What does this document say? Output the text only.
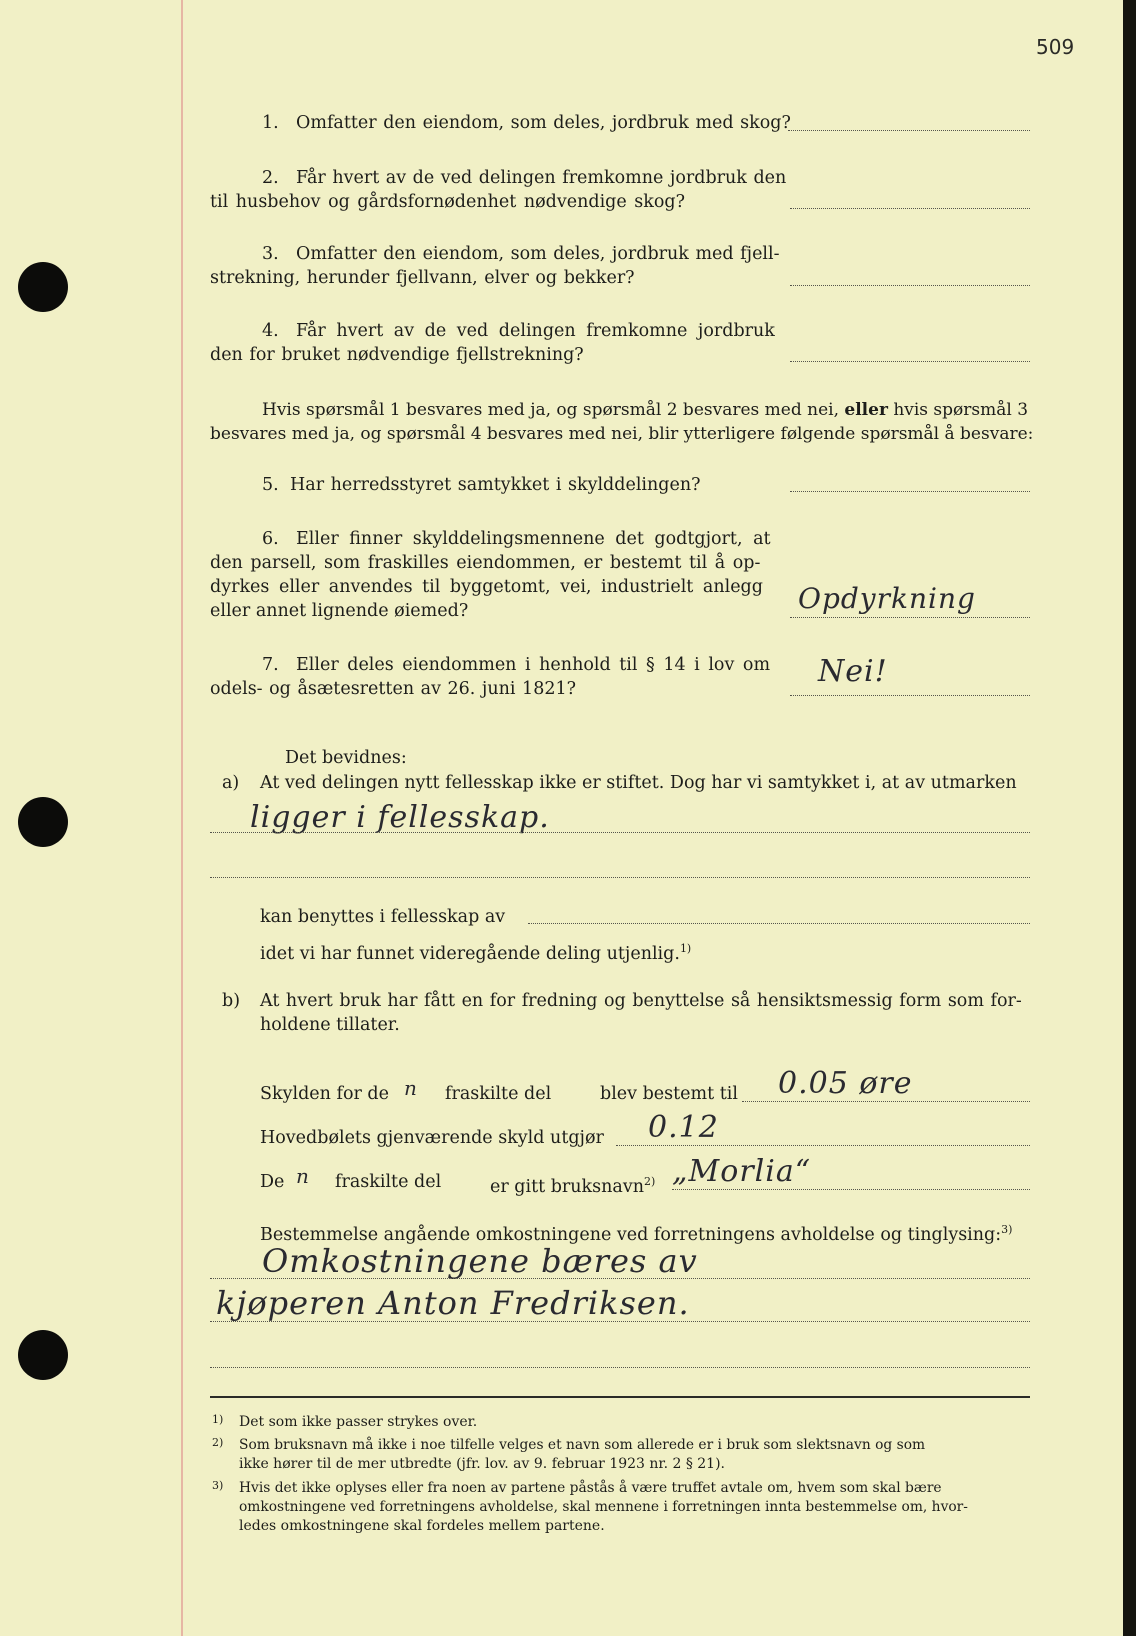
509
1. Omfatter den eiendom, som deles, jordbruk med skog?
2. Får hvert av de ved delingen fremkomne jordbruk den
til husbehov og gårdsfornødenhet nødvendige skog?
3. Omfatter den eiendom, som deles, jordbruk med fjell-
strekning, herunder fjellvann, elver og bekker?
4. Får hvert av de ved delingen fremkomne jordbruk
den for bruket nødvendige fjellstrekning?
Hvis spørsmål 1 besvares med ja, og spørsmål 2 besvares med nei, eller hvis spørsmål 3
besvares med ja, og spørsmål 4 besvares med nei, blir ytterligere følgende spørsmål å besvare:
5. Har herredsstyret samtykket i skylddelingen?
6. Eller finner skylddelingsmennene det godtgjort, at
den parsell, som fraskilles eiendommen, er bestemt til å op-
dyrkes eller anvendes til byggetomt, vei, industrielt anlegg
eller annet lignende øiemed?	Opdyrkning
7. Eller deles eiendommen i henhold til § 14 i lov om
odels- og åsætesretten av 26. juni 1821?	Nei!
Det bevidnes:
a) At ved delingen nytt fellesskap ikke er stiftet. Dog har vi samtykket i, at av utmarken
ligger i fellesskap.
kan benyttes i fellesskap av
idet vi har funnet videregående deling utjenlig.$^{1)}$
b) At hvert bruk har fått en for fredning og benyttelse så hensiktsmessig form som for-
holdene tillater.
Skylden for de n fraskilte del	blev bestemt til 0.05 øre
Hovedbølets gjenværende skyld utgjør 0.12
De n fraskilte del	er gitt bruksnavn$^{2)}$ „Morlia“
Bestemmelse angående omkostningene ved forretningens avholdelse og tinglysing:$^{3)}$
Omkostningene bæres av
kjøperen Anton Fredriksen.
1) Det som ikke passer strykes over.
2) Som bruksnavn må ikke i noe tilfelle velges et navn som allerede er i bruk som slektsnavn og som
ikke hører til de mer utbredte (jfr. lov. av 9. februar 1923 nr. 2 § 21).
3) Hvis det ikke oplyses eller fra noen av partene påstås å være truffet avtale om, hvem som skal bære
omkostningene ved forretningens avholdelse, skal mennene i forretningen innta bestemmelse om, hvor-
ledes omkostningene skal fordeles mellem partene.
